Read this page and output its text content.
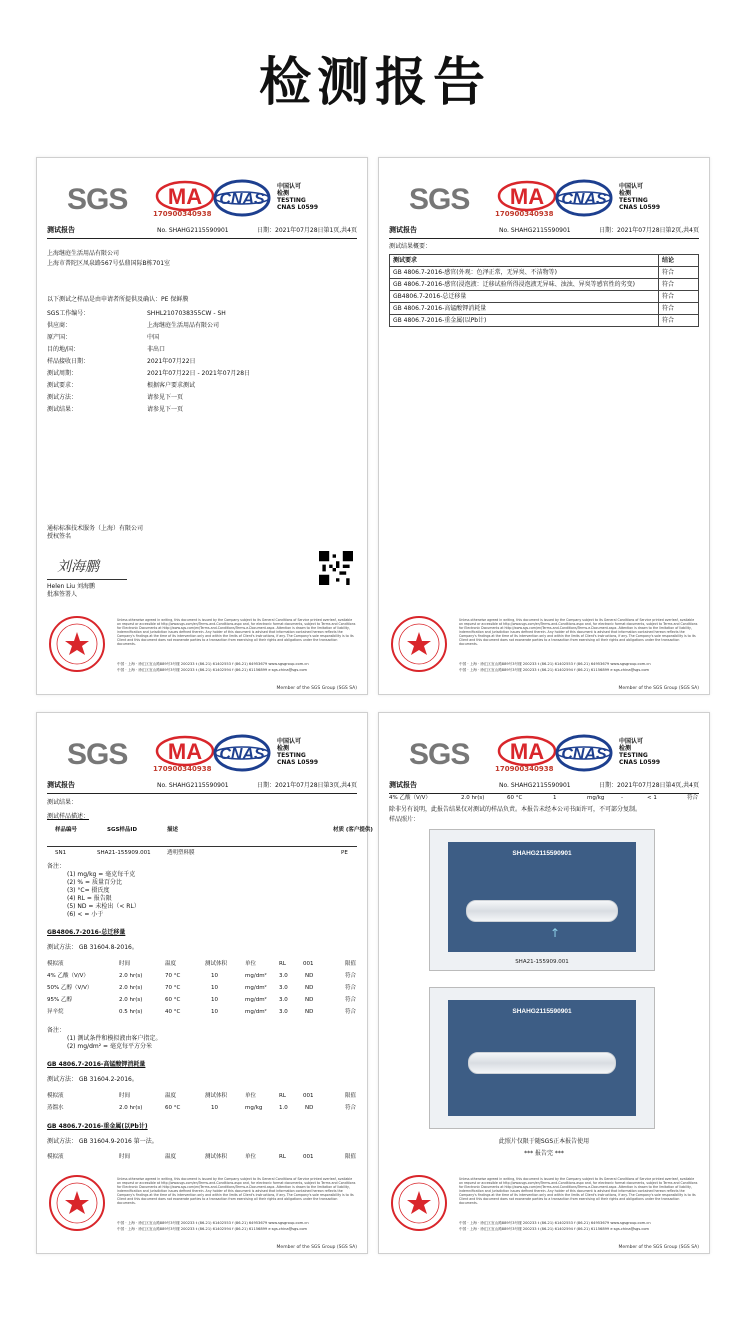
检测报告
SGS MA
170900340938
CNAS
中国认可
检测
TESTING
CNAS L0599
测试报告	No. SHAHG2115590901	日期：2021年07月28日 第1页,共4页
上海继庭生活用品有限公司
上海市普陀区凤泉路567号弘鼎国际B栋701室
以下测试之样品是由申请者所提供及确认：PE 保鲜膜
SGS工作编号：	SHHL2107038355CW - SH
供应商：	上海继庭生活用品有限公司
原产国：	中国
目的地/国：	非出口
样品接收日期：	2021年07月22日
测试周期：	2021年07月22日 - 2021年07月28日
测试要求：	根据客户要求测试
测试方法：	请参见下一页
测试结果：	请参见下一页
通标标准技术服务（上海）有限公司
授权签名
刘海鹏
Helen Liu 刘海鹏
批准签署人
Unless otherwise agreed in writing, this document is issued by the Company subject to its General Conditions of Service printed overleaf, available on request or accessible at http://www.sgs.com/en/Terms-and-Conditions.aspx and, for electronic format documents, subject to Terms and Conditions for Electronic Documents at http://www.sgs.com/en/Terms-and-Conditions/Terms-e-Document.aspx. Attention is drawn to the limitation of liability, indemnification and jurisdiction issues defined therein. Any holder of this document is advised that information contained hereon reflects the Company's findings at the time of its intervention only and within the limits of Client's instructions, if any. The Company's sole responsibility is to its Client and this document does not exonerate parties to a transaction from exercising all their rights and obligations under the transaction documents.
中国 · 上海 · 徐汇区宜山路889号3号楼 200233 t (86-21) 61402553 f (86-21) 64953679 www.sgsgroup.com.cn
中国 · 上海 · 徐汇区宜山路889号3号楼 200233 t (86-21) 61402594 f (86-21) 61156899 e sgs.china@sgs.com
Member of the SGS Group (SGS SA)
SGS MA
170900340938
CNAS
中国认可
检测
TESTING
CNAS L0599
测试报告	No. SHAHG2115590901	日期：2021年07月28日 第2页,共4页
测试结果概要：
测试要求	结论
GB 4806.7-2016-感官(外观：色泽正常，无异臭、不洁物等)	符合
GB 4806.7-2016-感官(浸泡液：迁移试验所得浸泡液无异味、浊浊、异臭等感官性的劣变)	符合
GB4806.7-2016-总迁移量	符合
GB 4806.7-2016-高锰酸钾消耗量	符合
GB 4806.7-2016-重金属(以Pb计)	符合
Unless otherwise agreed in writing, this document is issued by the Company subject to its General Conditions of Service printed overleaf, available on request or accessible at http://www.sgs.com/en/Terms-and-Conditions.aspx and, for electronic format documents, subject to Terms and Conditions for Electronic Documents at http://www.sgs.com/en/Terms-and-Conditions/Terms-e-Document.aspx. Attention is drawn to the limitation of liability, indemnification and jurisdiction issues defined therein. Any holder of this document is advised that information contained hereon reflects the Company's findings at the time of its intervention only and within the limits of Client's instructions, if any. The Company's sole responsibility is to its Client and this document does not exonerate parties to a transaction from exercising all their rights and obligations under the transaction documents.
中国 · 上海 · 徐汇区宜山路889号3号楼 200233 t (86-21) 61402553 f (86-21) 64953679 www.sgsgroup.com.cn
中国 · 上海 · 徐汇区宜山路889号3号楼 200233 t (86-21) 61402594 f (86-21) 61156899 e sgs.china@sgs.com
Member of the SGS Group (SGS SA)
SGS MA
170900340938
CNAS
中国认可
检测
TESTING
CNAS L0599
测试报告	No. SHAHG2115590901	日期：2021年07月28日 第3页,共4页
测试结果：
测试样品描述：
样品编号	SGS样品ID	描述	材质 (客户提供)
SN1	SHA21-155909.001	透明塑料膜	PE
备注：
(1) mg/kg = 毫克每千克
(2) % = 质量百分比
(3) °C= 摄氏度
(4) RL = 报告限
(5) ND = 未检出（< RL）
(6) < = 小于
GB4806.7-2016-总迁移量
测试方法： GB 31604.8-2016。
模拟液	时间	温度	测试体积	单位	RL	001	限值
4% 乙酸（V/V）	2.0 hr(s)	70 °C	10	mg/dm² 3.0	ND	符合
50% 乙醇（V/V）	2.0 hr(s)	70 °C	10	mg/dm² 3.0	ND	符合
95% 乙醇	2.0 hr(s)	60 °C	10	mg/dm² 3.0	ND	符合
异辛烷	0.5 hr(s)	40 °C	10	mg/dm² 3.0	ND	符合
备注：
(1) 测试条件和模拟液由客户指定。
(2) mg/dm² = 毫克每平方分米
GB 4806.7-2016-高锰酸钾消耗量
测试方法： GB 31604.2-2016。
模拟液	时间	温度	测试体积	单位	RL	001	限值
蒸馏水	2.0 hr(s)	60 °C	10	mg/kg	1.0	ND	符合
GB 4806.7-2016-重金属(以Pb计)
测试方法： GB 31604.9-2016 第一法。
模拟液	时间	温度	测试体积	单位	RL	001	限值
Unless otherwise agreed in writing, this document is issued by the Company subject to its General Conditions of Service printed overleaf, available on request or accessible at http://www.sgs.com/en/Terms-and-Conditions.aspx and, for electronic format documents, subject to Terms and Conditions for Electronic Documents at http://www.sgs.com/en/Terms-and-Conditions/Terms-e-Document.aspx. Attention is drawn to the limitation of liability, indemnification and jurisdiction issues defined therein. Any holder of this document is advised that information contained hereon reflects the Company's findings at the time of its intervention only and within the limits of Client's instructions, if any. The Company's sole responsibility is to its Client and this document does not exonerate parties to a transaction from exercising all their rights and obligations under the transaction documents.
中国 · 上海 · 徐汇区宜山路889号3号楼 200233 t (86-21) 61402553 f (86-21) 64953679 www.sgsgroup.com.cn
中国 · 上海 · 徐汇区宜山路889号3号楼 200233 t (86-21) 61402594 f (86-21) 61156899 e sgs.china@sgs.com
Member of the SGS Group (SGS SA)
SGS MA
170900340938
CNAS
中国认可
检测
TESTING
CNAS L0599
测试报告	No. SHAHG2115590901	日期：2021年07月28日 第4页,共4页
4% 乙酸（V/V）	2.0 hr(s)	60 °C	1	mg/kg	-	< 1	符合
除非另有说明，此报告结果仅对测试的样品负责。本报告未经本公司书面许可，不可部分复制。
样品照片：
SHAHG2115590901
↑
SHA21-155909.001
SHAHG2115590901
此照片仅限于随SGS正本报告使用
*** 报告完 ***
Unless otherwise agreed in writing, this document is issued by the Company subject to its General Conditions of Service printed overleaf, available on request or accessible at http://www.sgs.com/en/Terms-and-Conditions.aspx and, for electronic format documents, subject to Terms and Conditions for Electronic Documents at http://www.sgs.com/en/Terms-and-Conditions/Terms-e-Document.aspx. Attention is drawn to the limitation of liability, indemnification and jurisdiction issues defined therein. Any holder of this document is advised that information contained hereon reflects the Company's findings at the time of its intervention only and within the limits of Client's instructions, if any. The Company's sole responsibility is to its Client and this document does not exonerate parties to a transaction from exercising all their rights and obligations under the transaction documents.
中国 · 上海 · 徐汇区宜山路889号3号楼 200233 t (86-21) 61402553 f (86-21) 64953679 www.sgsgroup.com.cn
中国 · 上海 · 徐汇区宜山路889号3号楼 200233 t (86-21) 61402594 f (86-21) 61156899 e sgs.china@sgs.com
Member of the SGS Group (SGS SA)
